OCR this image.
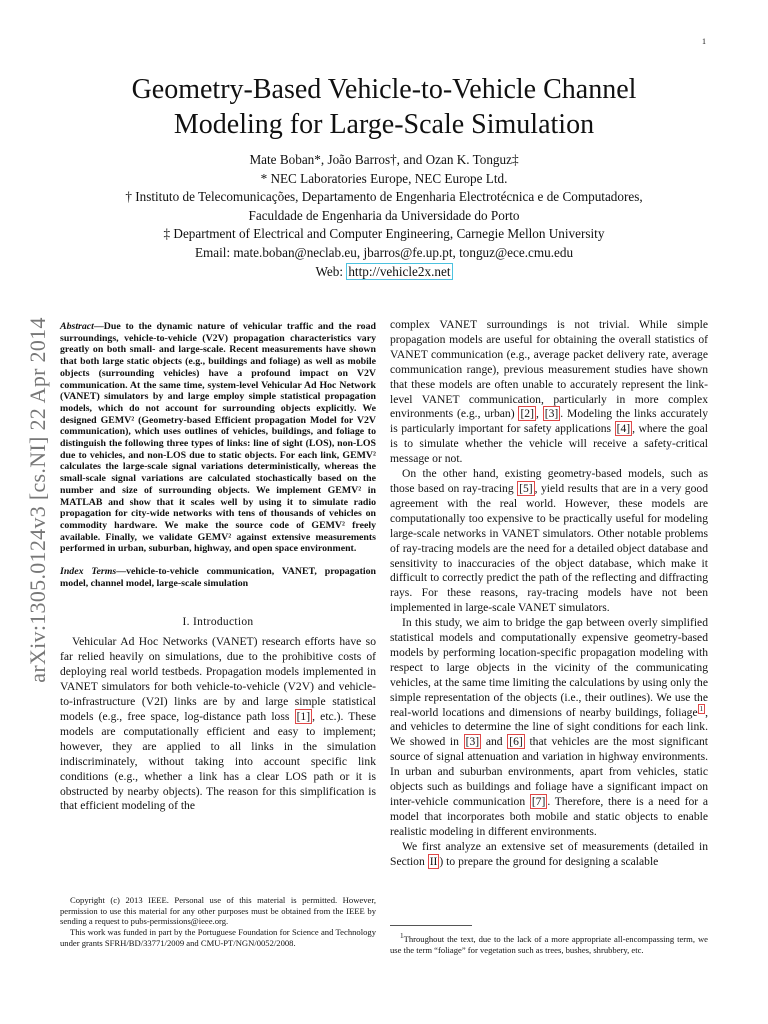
1
arXiv:1305.0124v3 [cs.NI] 22 Apr 2014
Geometry-Based Vehicle-to-Vehicle Channel
Modeling for Large-Scale Simulation
Mate Boban*, João Barros†, and Ozan K. Tonguz‡
* NEC Laboratories Europe, NEC Europe Ltd.
† Instituto de Telecomunicações, Departamento de Engenharia Electrotécnica e de Computadores,
Faculdade de Engenharia da Universidade do Porto
‡ Department of Electrical and Computer Engineering, Carnegie Mellon University
Email: mate.boban@neclab.eu, jbarros@fe.up.pt, tonguz@ece.cmu.edu
Web: http://vehicle2x.net

Abstract—Due to the dynamic nature of vehicular traffic and the road surroundings, vehicle-to-vehicle (V2V) propagation characteristics vary greatly on both small- and large-scale. Recent measurements have shown that both large static objects (e.g., buildings and foliage) as well as mobile objects (surrounding vehicles) have a profound impact on V2V communication. At the same time, system-level Vehicular Ad Hoc Network (VANET) simulators by and large employ simple statistical propagation models, which do not account for surrounding objects explicitly. We designed GEMV² (Geometry-based Efficient propagation Model for V2V communication), which uses outlines of vehicles, buildings, and foliage to distinguish the following three types of links: line of sight (LOS), non-LOS due to vehicles, and non-LOS due to static objects. For each link, GEMV² calculates the large-scale signal variations deterministically, whereas the small-scale signal variations are calculated stochastically based on the number and size of surrounding objects. We implement GEMV² in MATLAB and show that it scales well by using it to simulate radio propagation for city-wide networks with tens of thousands of vehicles on commodity hardware. We make the source code of GEMV² freely available. Finally, we validate GEMV² against extensive measurements performed in urban, suburban, highway, and open space environment.

Index Terms—vehicle-to-vehicle communication, VANET, propagation model, channel model, large-scale simulation

I. Introduction

Vehicular Ad Hoc Networks (VANET) research efforts have so far relied heavily on simulations, due to the prohibitive costs of deploying real world testbeds. Propagation models implemented in VANET simulators for both vehicle-to-vehicle (V2V) and vehicle-to-infrastructure (V2I) links are by and large simple statistical models (e.g., free space, log-distance path loss [1] , etc.). These models are computationally efficient and easy to implement; however, they are applied to all links in the simulation indiscriminately, without taking into account specific link conditions (e.g., whether a link has a clear LOS path or it is obstructed by nearby objects). The reason for this simplification is that efficient modeling of the

complex VANET surroundings is not trivial. While simple propagation models are useful for obtaining the overall statistics of VANET communication (e.g., average packet delivery rate, average communication range), previous measurement studies have shown that these models are often unable to accurately represent the link-level VANET communication, particularly in more complex environments (e.g., urban) [2] , [3] . Modeling the links accurately is particularly important for safety applications [4] , where the goal is to simulate whether the vehicle will receive a safety-critical message or not.

On the other hand, existing geometry-based models, such as those based on ray-tracing [5] , yield results that are in a very good agreement with the real world. However, these models are computationally too expensive to be practically useful for modeling large-scale networks in VANET simulators. Other notable problems of ray-tracing models are the need for a detailed object database and sensitivity to inaccuracies of the object database, which make it difficult to correctly predict the path of the reflecting and diffracting rays. For these reasons, ray-tracing models have not been implemented in large-scale VANET simulators.

In this study, we aim to bridge the gap between overly simplified statistical models and computationally expensive geometry-based models by performing location-specific propagation modeling with respect to large objects in the vicinity of the communicating vehicles, at the same time limiting the calculations by using only the simple representation of the objects (i.e., their outlines). We use the real-world locations and dimensions of nearby buildings, foliage $^1$ , and vehicles to determine the line of sight conditions for each link. We showed in [3] and [6] that vehicles are the most significant source of signal attenuation and variation in highway environments. In urban and suburban environments, apart from vehicles, static objects such as buildings and foliage have a significant impact on inter-vehicle communication [7] . Therefore, there is a need for a model that incorporates both mobile and static objects to enable realistic modeling in different environments.

We first analyze an extensive set of measurements (detailed in Section II ) to prepare the ground for designing a scalable

Copyright (c) 2013 IEEE. Personal use of this material is permitted. However, permission to use this material for any other purposes must be obtained from the IEEE by sending a request to pubs-permissions@ieee.org.

This work was funded in part by the Portuguese Foundation for Science and Technology under grants SFRH/BD/33771/2009 and CMU-PT/NGN/0052/2008.

$^1$Throughout the text, due to the lack of a more appropriate all-encompassing term, we use the term “foliage” for vegetation such as trees, bushes, shrubbery, etc.
